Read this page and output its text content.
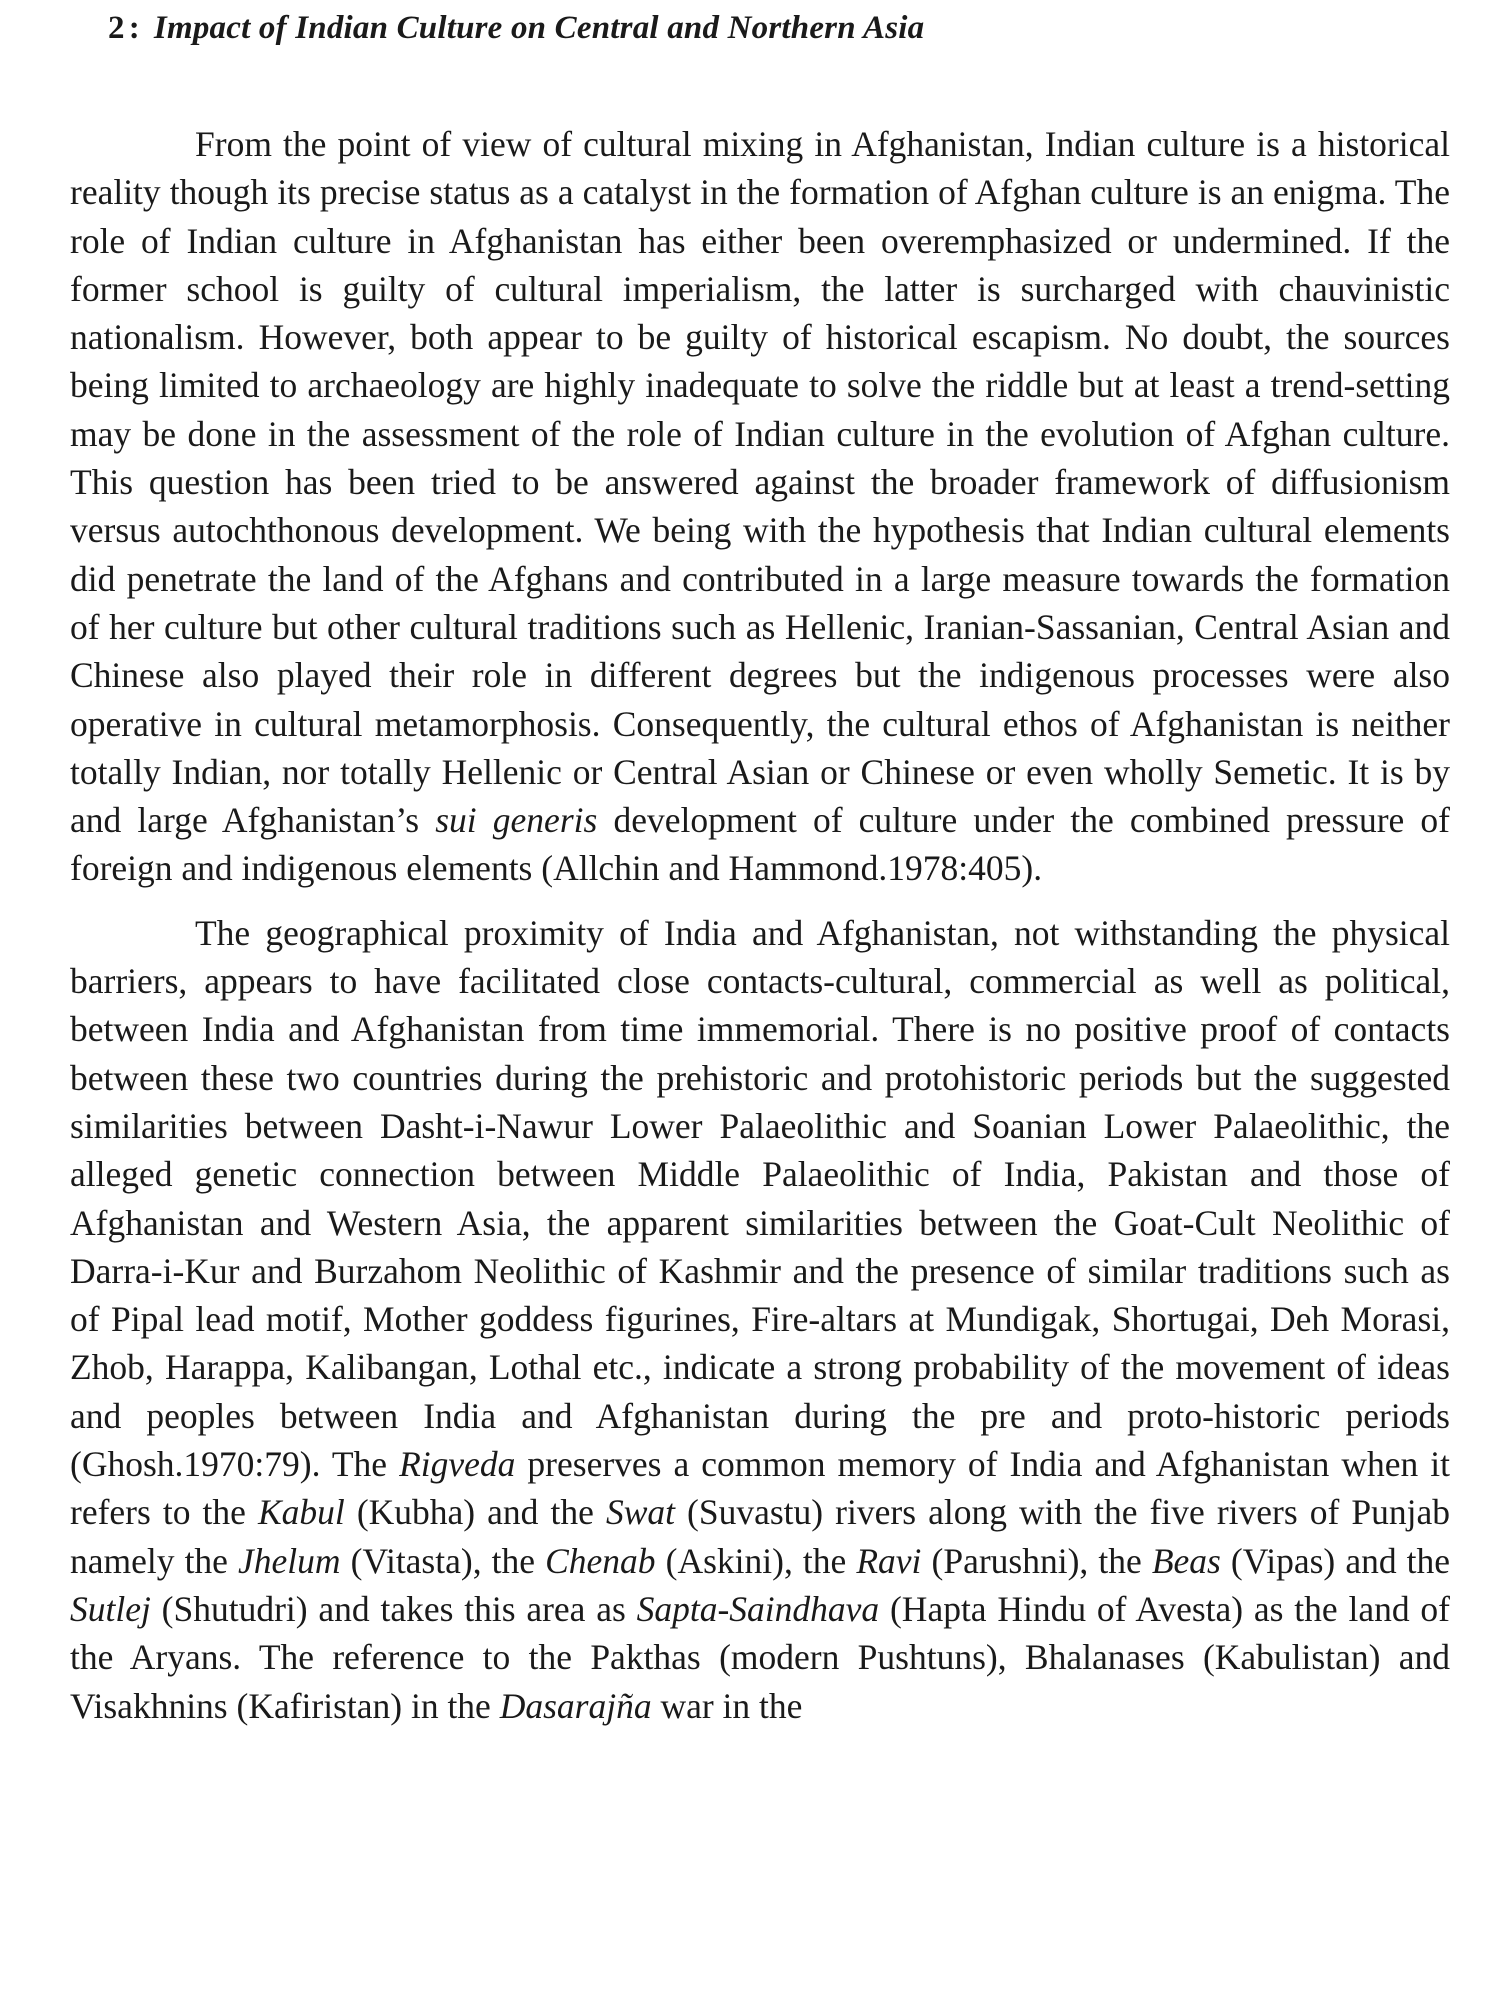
2 : Impact of Indian Culture on Central and Northern Asia

From the point of view of cultural mixing in Afghanistan, Indian culture is a historical reality though its precise status as a catalyst in the formation of Afghan culture is an enigma. The role of Indian culture in Afghanistan has either been overemphasized or undermined. If the former school is guilty of cultural imperialism, the latter is surcharged with chauvinistic nationalism. However, both appear to be guilty of historical escapism. No doubt, the sources being limited to archaeology are highly inadequate to solve the riddle but at least a trend-setting may be done in the assessment of the role of Indian culture in the evolution of Afghan culture. This question has been tried to be answered against the broader framework of diffusionism versus autochthonous development. We being with the hypothesis that Indian cultural elements did penetrate the land of the Afghans and contributed in a large measure towards the formation of her culture but other cultural traditions such as Hellenic, Iranian-Sassanian, Central Asian and Chinese also played their role in different degrees but the indigenous processes were also operative in cultural metamorphosis. Consequently, the cultural ethos of Afghanistan is neither totally Indian, nor totally Hellenic or Central Asian or Chinese or even wholly Semetic. It is by and large Afghanistan’s sui generis development of culture under the combined pressure of foreign and indigenous elements (Allchin and Hammond.1978:405).

The geographical proximity of India and Afghanistan, not withstanding the physical barriers, appears to have facilitated close contacts-cultural, commercial as well as political, between India and Afghanistan from time immemorial. There is no positive proof of contacts between these two countries during the prehistoric and protohistoric periods but the suggested similarities between Dasht-i-Nawur Lower Palaeolithic and Soanian Lower Palaeolithic, the alleged genetic connection between Middle Palaeolithic of India, Pakistan and those of Afghanistan and Western Asia, the apparent similarities between the Goat-Cult Neolithic of Darra-i-Kur and Burzahom Neolithic of Kashmir and the presence of similar traditions such as of Pipal lead motif, Mother goddess figurines, Fire-altars at Mundigak, Shortugai, Deh Morasi, Zhob, Harappa, Kalibangan, Lothal etc., indicate a strong probability of the movement of ideas and peoples between India and Afghanistan during the pre and proto-historic periods (Ghosh.1970:79). The Rigveda preserves a common memory of India and Afghanistan when it refers to the Kabul (Kubha) and the Swat (Suvastu) rivers along with the five rivers of Punjab namely the Jhelum (Vitasta), the Chenab (Askini), the Ravi (Parushni), the Beas (Vipas) and the Sutlej (Shutudri) and takes this area as Sapta-Saindhava (Hapta Hindu of Avesta) as the land of the Aryans. The reference to the Pakthas (modern Pushtuns), Bhalanases (Kabulistan) and Visakhnins (Kafiristan) in the Dasarajña war in the
